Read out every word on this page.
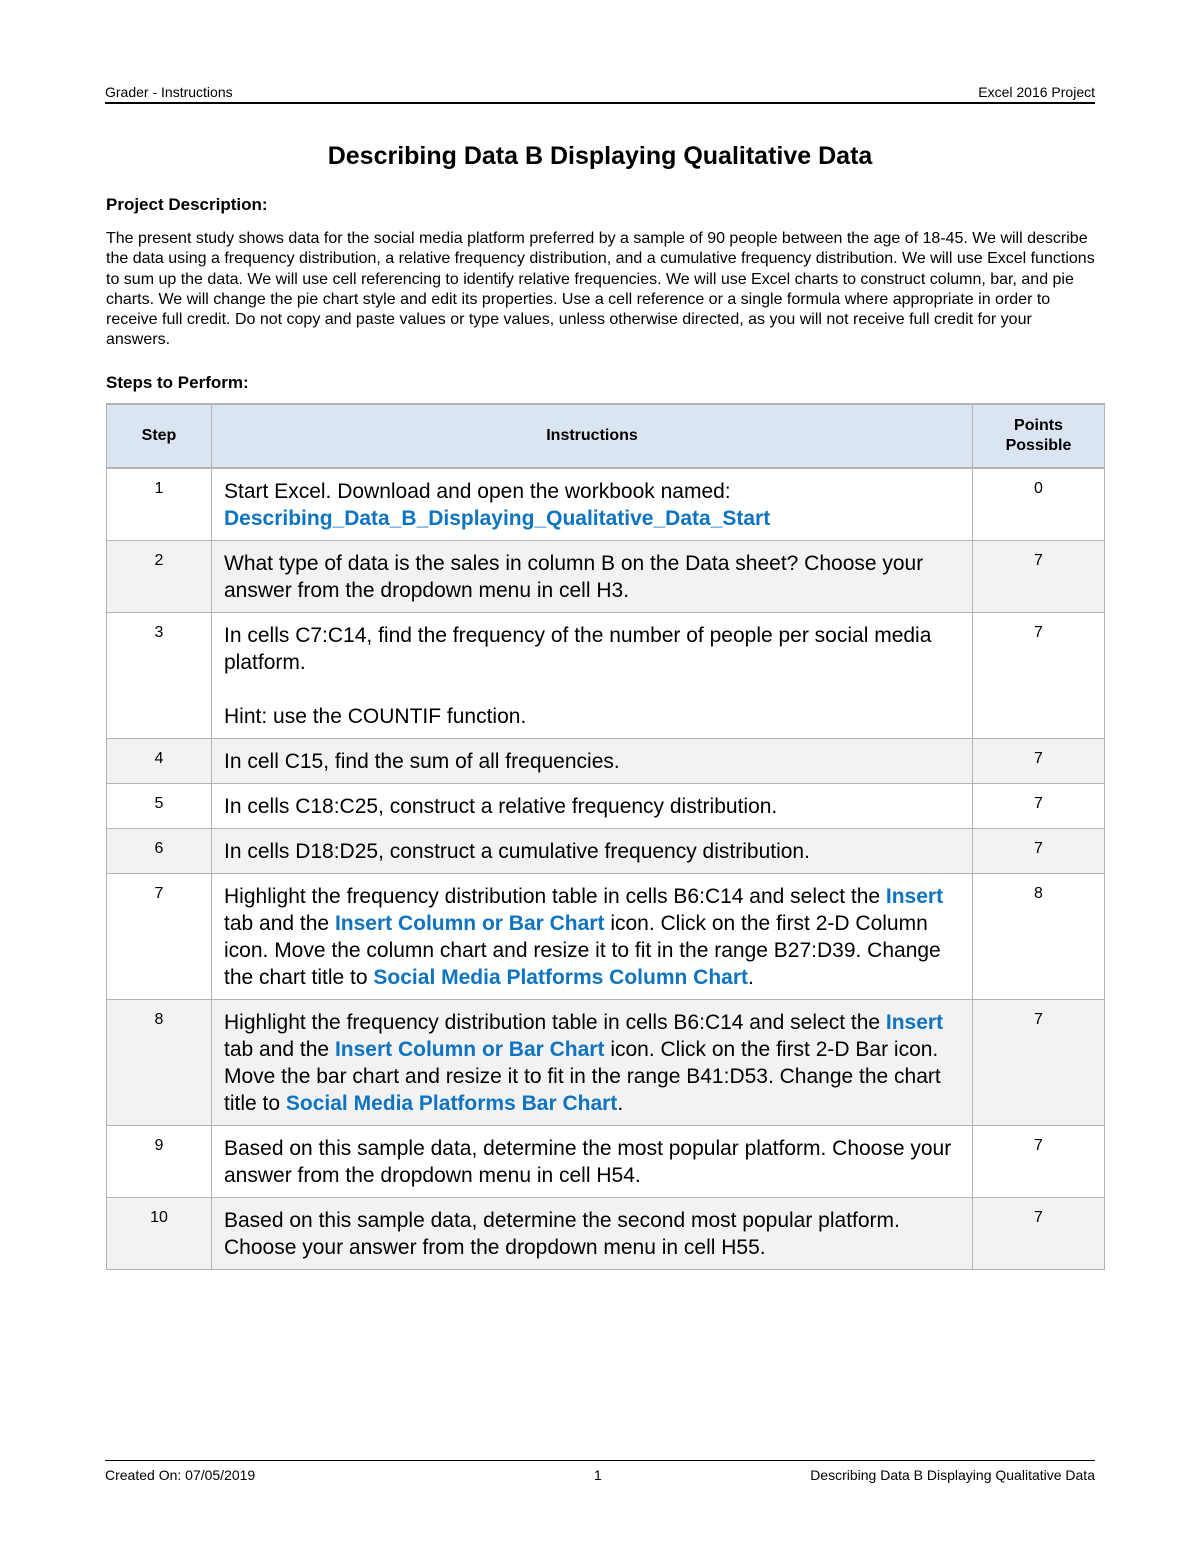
Grader - Instructions	Excel 2016 Project
Describing Data B Displaying Qualitative Data
Project Description:
The present study shows data for the social media platform preferred by a sample of 90 people between the age of 18-45. We will describe the data using a frequency distribution, a relative frequency distribution, and a cumulative frequency distribution. We will use Excel functions to sum up the data. We will use cell referencing to identify relative frequencies. We will use Excel charts to construct column, bar, and pie charts. We will change the pie chart style and edit its properties. Use a cell reference or a single formula where appropriate in order to receive full credit. Do not copy and paste values or type values, unless otherwise directed, as you will not receive full credit for your answers.
Steps to Perform:
Step	Instructions	Points
Possible
1	Start Excel. Download and open the workbook named:
Describing_Data_B_Displaying_Qualitative_Data_Start	0
2	What type of data is the sales in column B on the Data sheet? Choose your answer from the dropdown menu in cell H3.	7
3	In cells C7:C14, find the frequency of the number of people per social media platform.

Hint: use the COUNTIF function.	7
4	In cell C15, find the sum of all frequencies.	7
5	In cells C18:C25, construct a relative frequency distribution.	7
6	In cells D18:D25, construct a cumulative frequency distribution.	7
7	Highlight the frequency distribution table in cells B6:C14 and select the Insert tab and the Insert Column or Bar Chart icon. Click on the first 2-D Column icon. Move the column chart and resize it to fit in the range B27:D39. Change the chart title to Social Media Platforms Column Chart.	8
8	Highlight the frequency distribution table in cells B6:C14 and select the Insert tab and the Insert Column or Bar Chart icon. Click on the first 2-D Bar icon. Move the bar chart and resize it to fit in the range B41:D53. Change the chart title to Social Media Platforms Bar Chart.	7
9	Based on this sample data, determine the most popular platform. Choose your answer from the dropdown menu in cell H54.	7
10	Based on this sample data, determine the second most popular platform. Choose your answer from the dropdown menu in cell H55.	7
Created On: 07/05/2019	1	Describing Data B Displaying Qualitative Data
